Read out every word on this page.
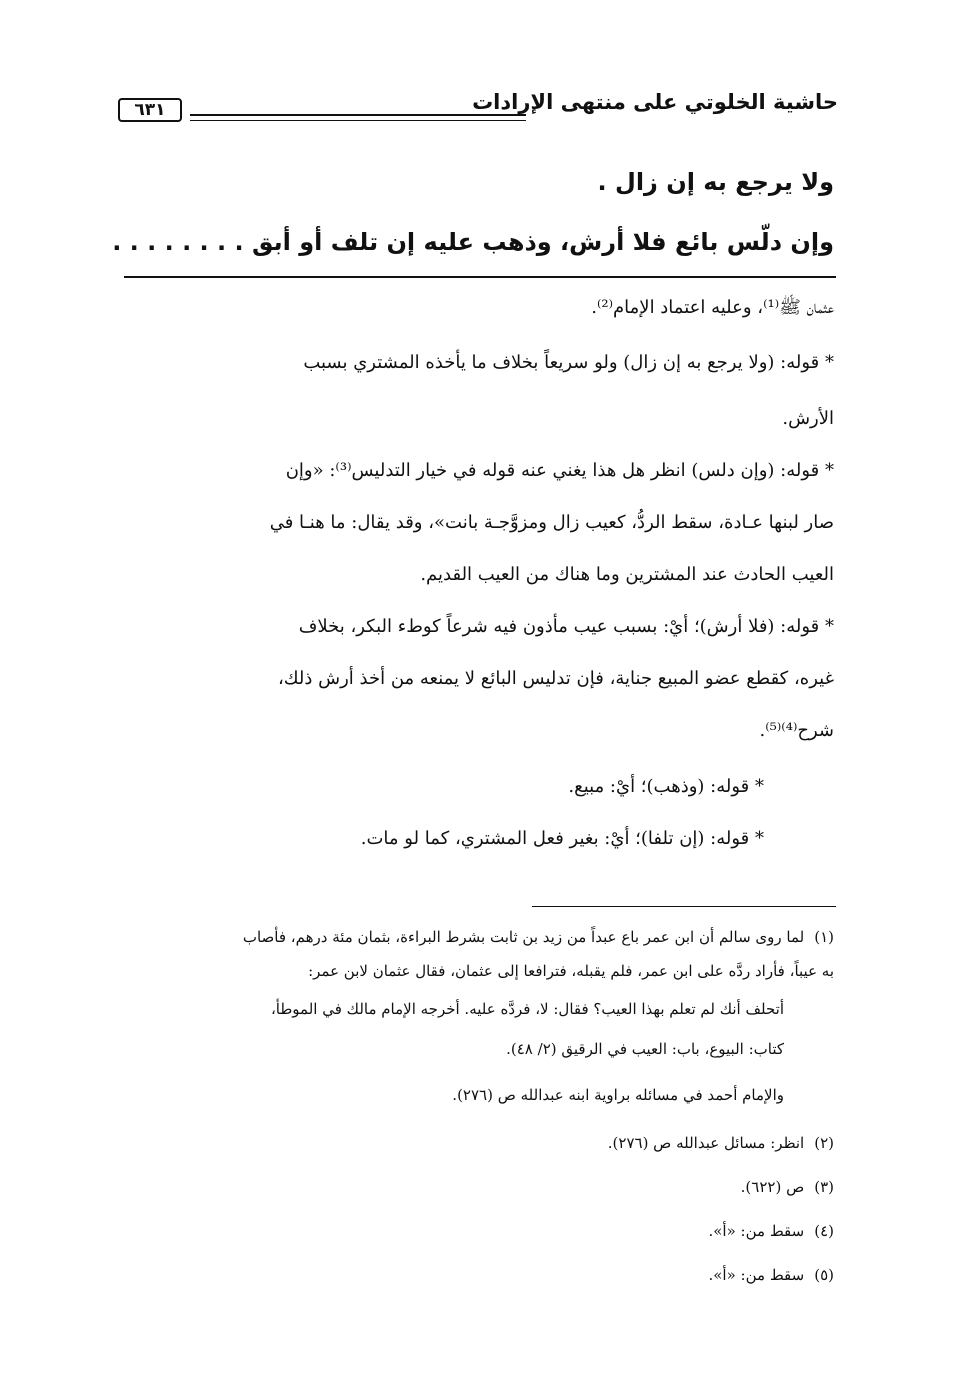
حاشية الخلوتي على منتهى الإرادات
٦٣١
ولا يرجع به إن زال .
وإن دلّس بائع فلا أرش، وذهب عليه إن تلف أو أبق . . . . . . . .
عثمان ﷺ⁽¹⁾، وعليه اعتماد الإمام⁽²⁾.
* قوله: (ولا يرجع به إن زال) ولو سريعاً بخلاف ما يأخذه المشتري بسبب
الأرش.
* قوله: (وإن دلس) انظر هل هذا يغني عنه قوله في خيار التدليس⁽³⁾: «وإن
صار لبنها عـادة، سقط الردُّ، كعيب زال ومزوَّجـة بانت»، وقد يقال: ما هنـا في
العيب الحادث عند المشترين وما هناك من العيب القديم.
* قوله: (فلا أرش)؛ أيْ: بسبب عيب مأذون فيه شرعاً كوطء البكر، بخلاف
غيره، كقطع عضو المبيع جناية، فإن تدليس البائع لا يمنعه من أخذ أرش ذلك،
شرح⁽⁴⁾⁽⁵⁾.
* قوله: (وذهب)؛ أيْ: مبيع.
* قوله: (إن تلفا)؛ أيْ: بغير فعل المشتري، كما لو مات.
(١)لما روى سالم أن ابن عمر باع عبداً من زيد بن ثابت بشرط البراءة، بثمان مئة درهم، فأصاب
به عيباً، فأراد ردَّه على ابن عمر، فلم يقبله، فترافعا إلى عثمان، فقال عثمان لابن عمر:
أتحلف أنك لم تعلم بهذا العيب؟ فقال: لا، فردَّه عليه. أخرجه الإمام مالك في الموطأ،
كتاب: البيوع، باب: العيب في الرقيق (٢/ ٤٨).
والإمام أحمد في مسائله براوية ابنه عبدالله ص (٢٧٦).
(٢)انظر: مسائل عبدالله ص (٢٧٦).
(٣)ص (٦٢٢).
(٤)سقط من: «أ».
(٥)سقط من: «أ».
